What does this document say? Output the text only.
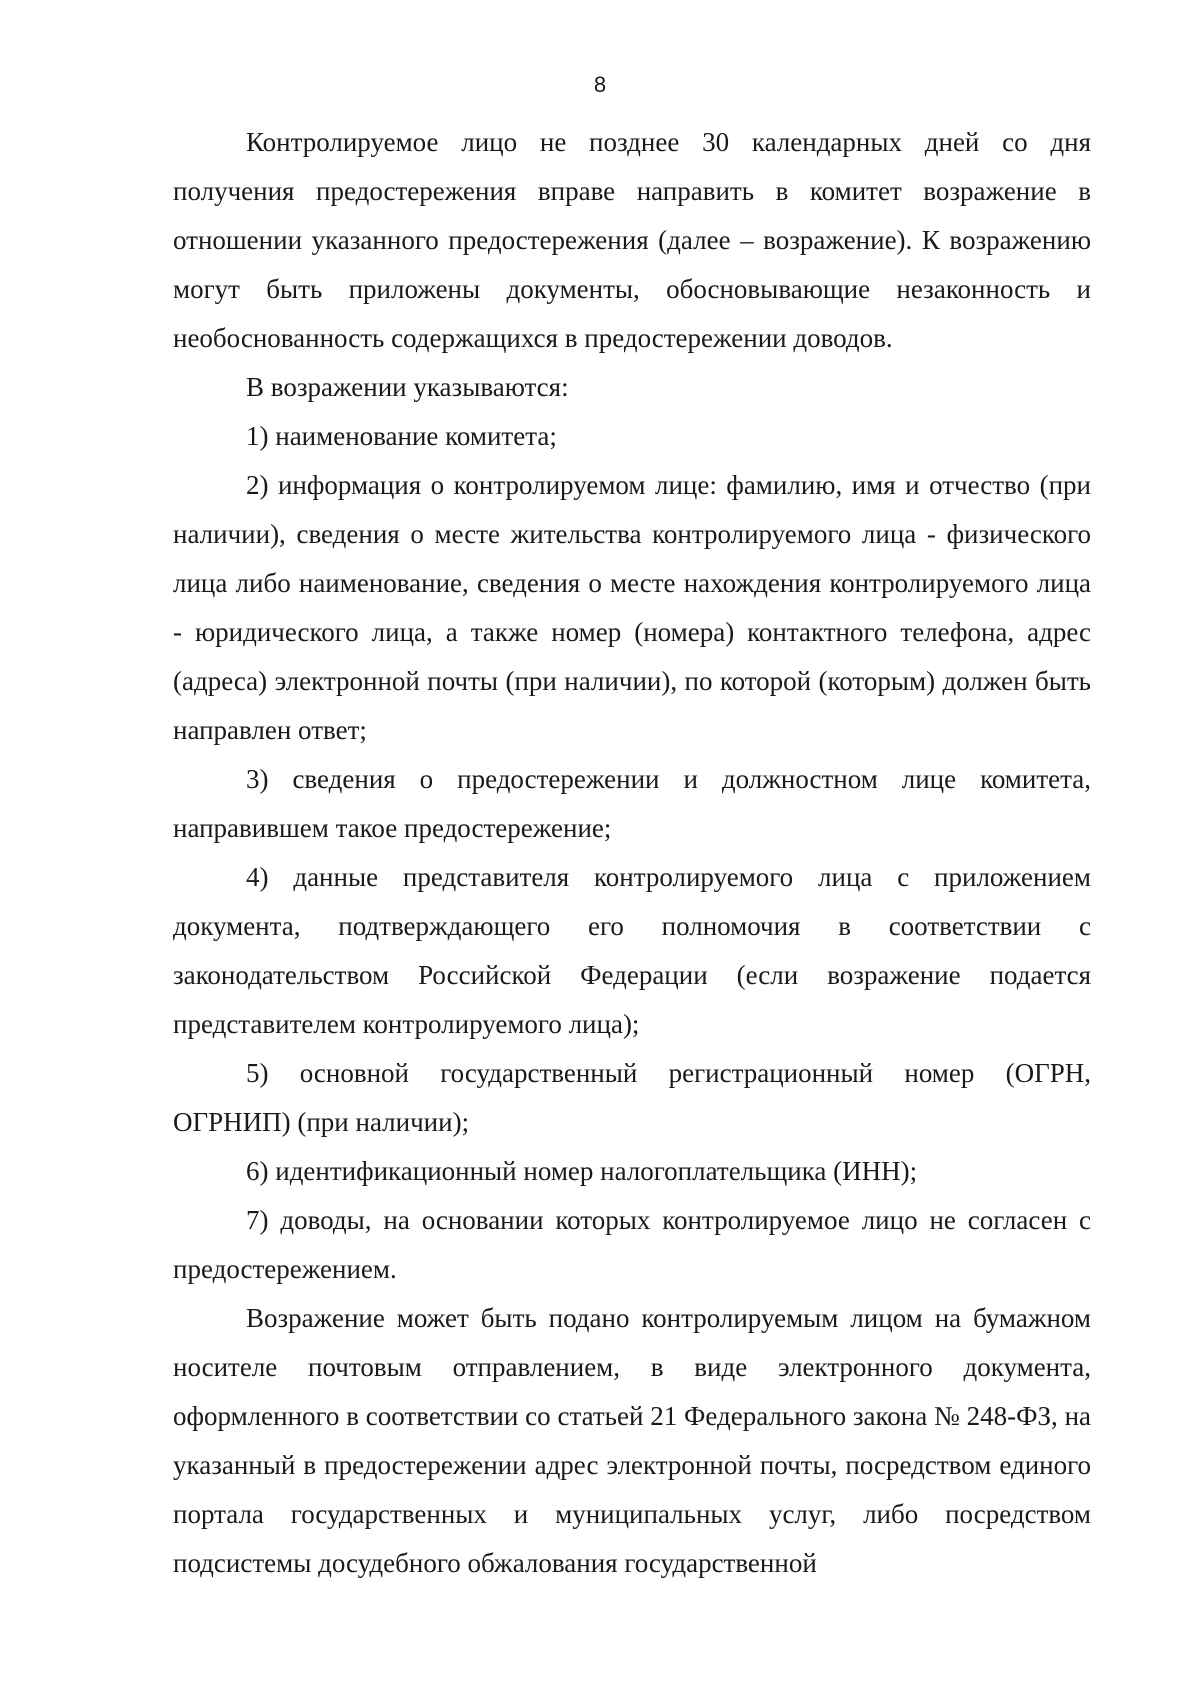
8

Контролируемое лицо не позднее 30 календарных дней со дня получения предостережения вправе направить в комитет возражение в отношении указанного предостережения (далее – возражение). К возражению могут быть приложены документы, обосновывающие незаконность и необоснованность содержащихся в предостережении доводов.

В возражении указываются:

1) наименование комитета;

2) информация о контролируемом лице: фамилию, имя и отчество (при наличии), сведения о месте жительства контролируемого лица - физического лица либо наименование, сведения о месте нахождения контролируемого лица - юридического лица, а также номер (номера) контактного телефона, адрес (адреса) электронной почты (при наличии), по которой (которым) должен быть направлен ответ;

3) сведения о предостережении и должностном лице комитета, направившем такое предостережение;

4) данные представителя контролируемого лица с приложением документа, подтверждающего его полномочия в соответствии с законодательством Российской Федерации (если возражение подается представителем контролируемого лица);

5) основной государственный регистрационный номер (ОГРН, ОГРНИП) (при наличии);

6) идентификационный номер налогоплательщика (ИНН);

7) доводы, на основании которых контролируемое лицо не согласен с предостережением.

Возражение может быть подано контролируемым лицом на бумажном носителе почтовым отправлением, в виде электронного документа, оформленного в соответствии со статьей 21 Федерального закона № 248-ФЗ, на указанный в предостережении адрес электронной почты, посредством единого портала государственных и муниципальных услуг, либо посредством подсистемы досудебного обжалования государственной
